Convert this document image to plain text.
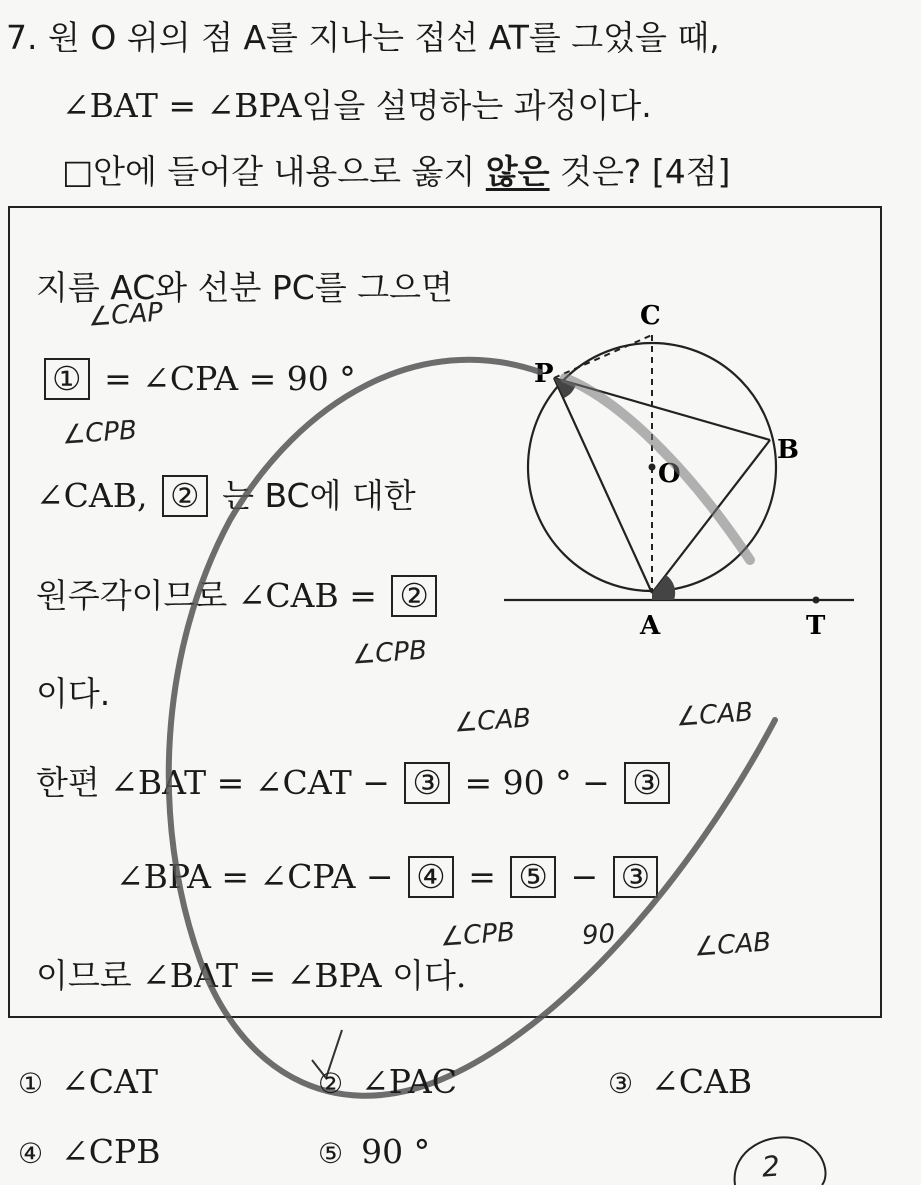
7. 원 O 위의 점 A를 지나는 접선 AT를 그었을 때,
∠BAT = ∠BPA임을 설명하는 과정이다.
□안에 들어갈 내용으로 옳지 않은 것은? [4점]
지름 AC와 선분 PC를 그으면
① = ∠CPA = 90 °
∠CAB, ② 는 BC에 대한
원주각이므로 ∠CAB = ②
이다.
한편 ∠BAT = ∠CAT − ③ = 90 ° − ③
∠BPA = ∠CPA − ④ = ⑤ − ③
이므로 ∠BAT = ∠BPA 이다.
C
P
B
O
A	T
∠CAP
∠CPB
∠CPB
∠CAB	∠CAB
∠CPB	90	∠CAB
2
① ∠CAT	② ∠PAC	③ ∠CAB
④ ∠CPB	⑤ 90 °
